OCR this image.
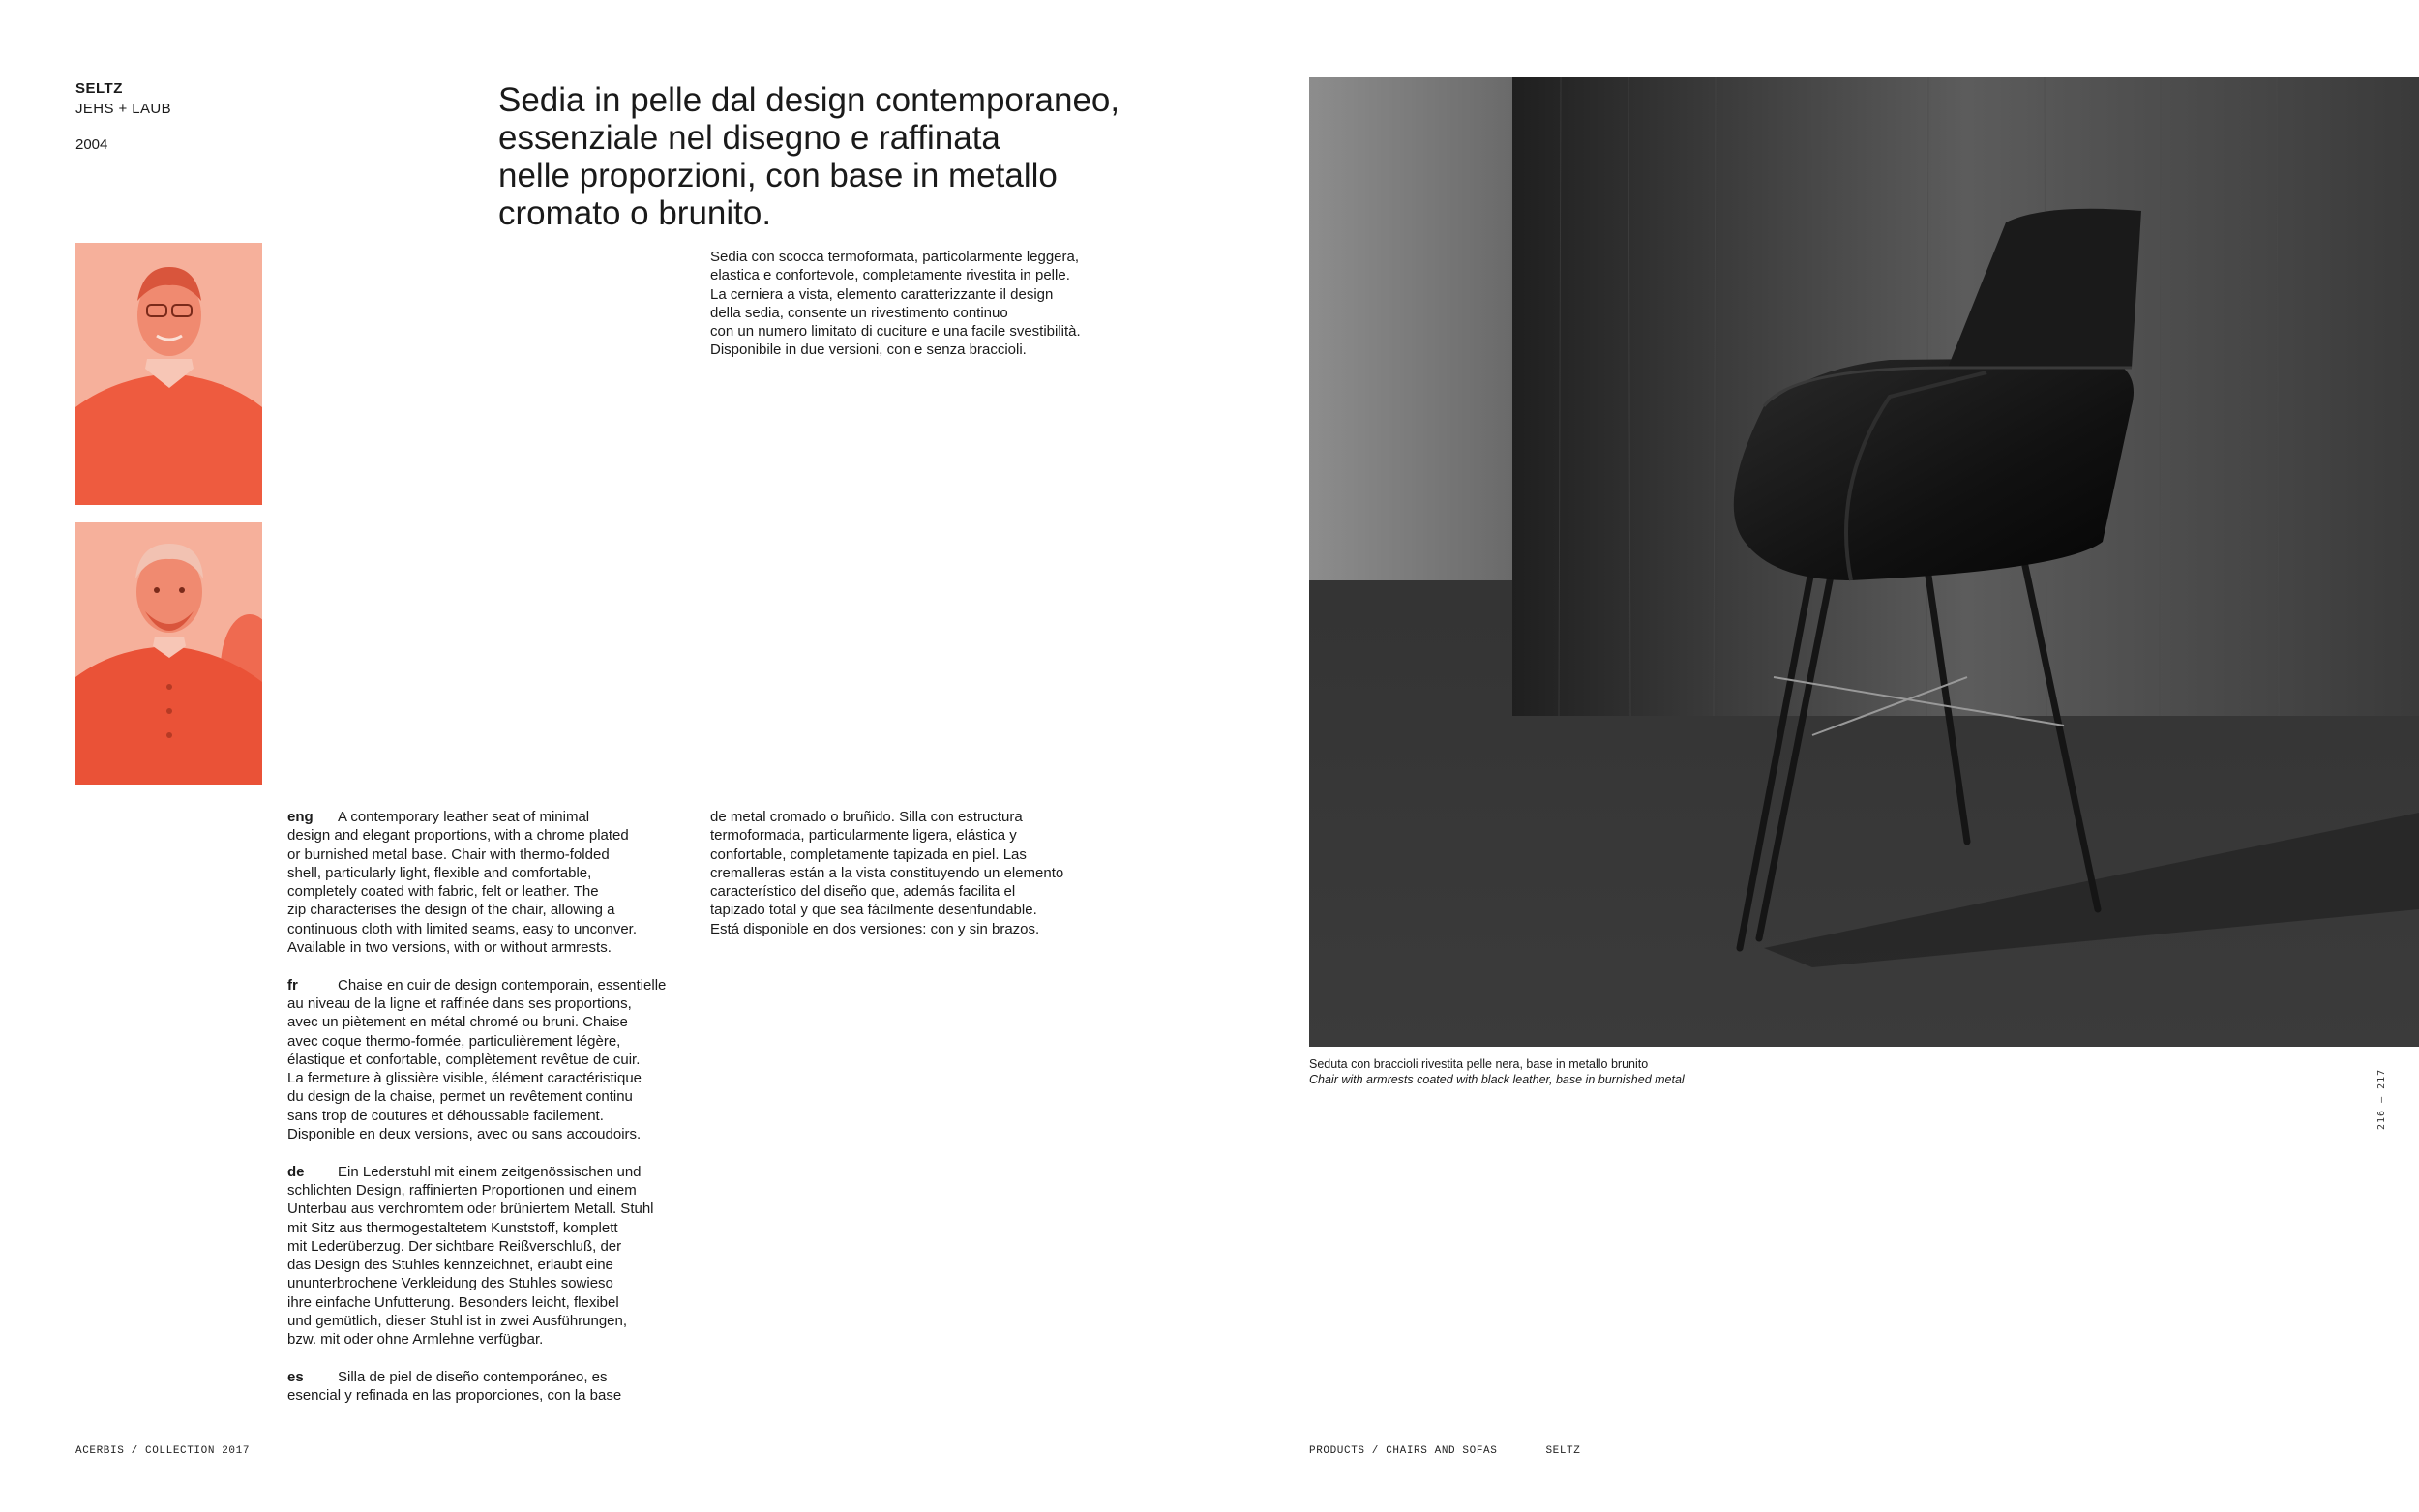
SELTZ
JEHS + LAUB
2004
Sedia in pelle dal design contemporaneo,
essenziale nel disegno e raffinata
nelle proporzioni, con base in metallo
cromato o brunito.
Sedia con scocca termoformata, particolarmente leggera,
elastica e confortevole, completamente rivestita in pelle.
La cerniera a vista, elemento caratterizzante il design
della sedia, consente un rivestimento continuo
con un numero limitato di cuciture e una facile svestibilità.
Disponibile in due versioni, con e senza braccioli.
eng A contemporary leather seat of minimal
design and elegant proportions, with a chrome plated
or burnished metal base. Chair with thermo-folded
shell, particularly light, flexible and comfortable,
completely coated with fabric, felt or leather. The
zip characterises the design of the chair, allowing a
continuous cloth with limited seams, easy to unconver.
Available in two versions, with or without armrests.
fr	Chaise en cuir de design contemporain, essentielle
au niveau de la ligne et raffinée dans ses proportions,
avec un piètement en métal chromé ou bruni. Chaise
avec coque thermo-formée, particulièrement légère,
élastique et confortable, complètement revêtue de cuir.
La fermeture à glissière visible, élément caractéristique
du design de la chaise, permet un revêtement continu
sans trop de coutures et déhoussable facilement.
Disponible en deux versions, avec ou sans accoudoirs.
de Ein Lederstuhl mit einem zeitgenössischen und
schlichten Design, raffinierten Proportionen und einem
Unterbau aus verchromtem oder brüniertem Metall. Stuhl
mit Sitz aus thermogestaltetem Kunststoff, komplett
mit Lederüberzug. Der sichtbare Reißverschluß, der
das Design des Stuhles kennzeichnet, erlaubt eine
ununterbrochene Verkleidung des Stuhles sowieso
ihre einfache Unfutterung. Besonders leicht, flexibel
und gemütlich, dieser Stuhl ist in zwei Ausführungen,
bzw. mit oder ohne Armlehne verfügbar.
es Silla de piel de diseño contemporáneo, es
esencial y refinada en las proporciones, con la base
de metal cromado o bruñido. Silla con estructura
termoformada, particularmente ligera, elástica y
confortable, completamente tapizada en piel. Las
cremalleras están a la vista constituyendo un elemento
característico del diseño que, además facilita el
tapizado total y que sea fácilmente desenfundable.
Está disponible en dos versiones: con y sin brazos.
Seduta con braccioli rivestita pelle nera, base in metallo brunito
Chair with armrests coated with black leather, base in burnished metal	216 — 217
ACERBIS / COLLECTION 2017	PRODUCTS / CHAIRS AND SOFAS	SELTZ
